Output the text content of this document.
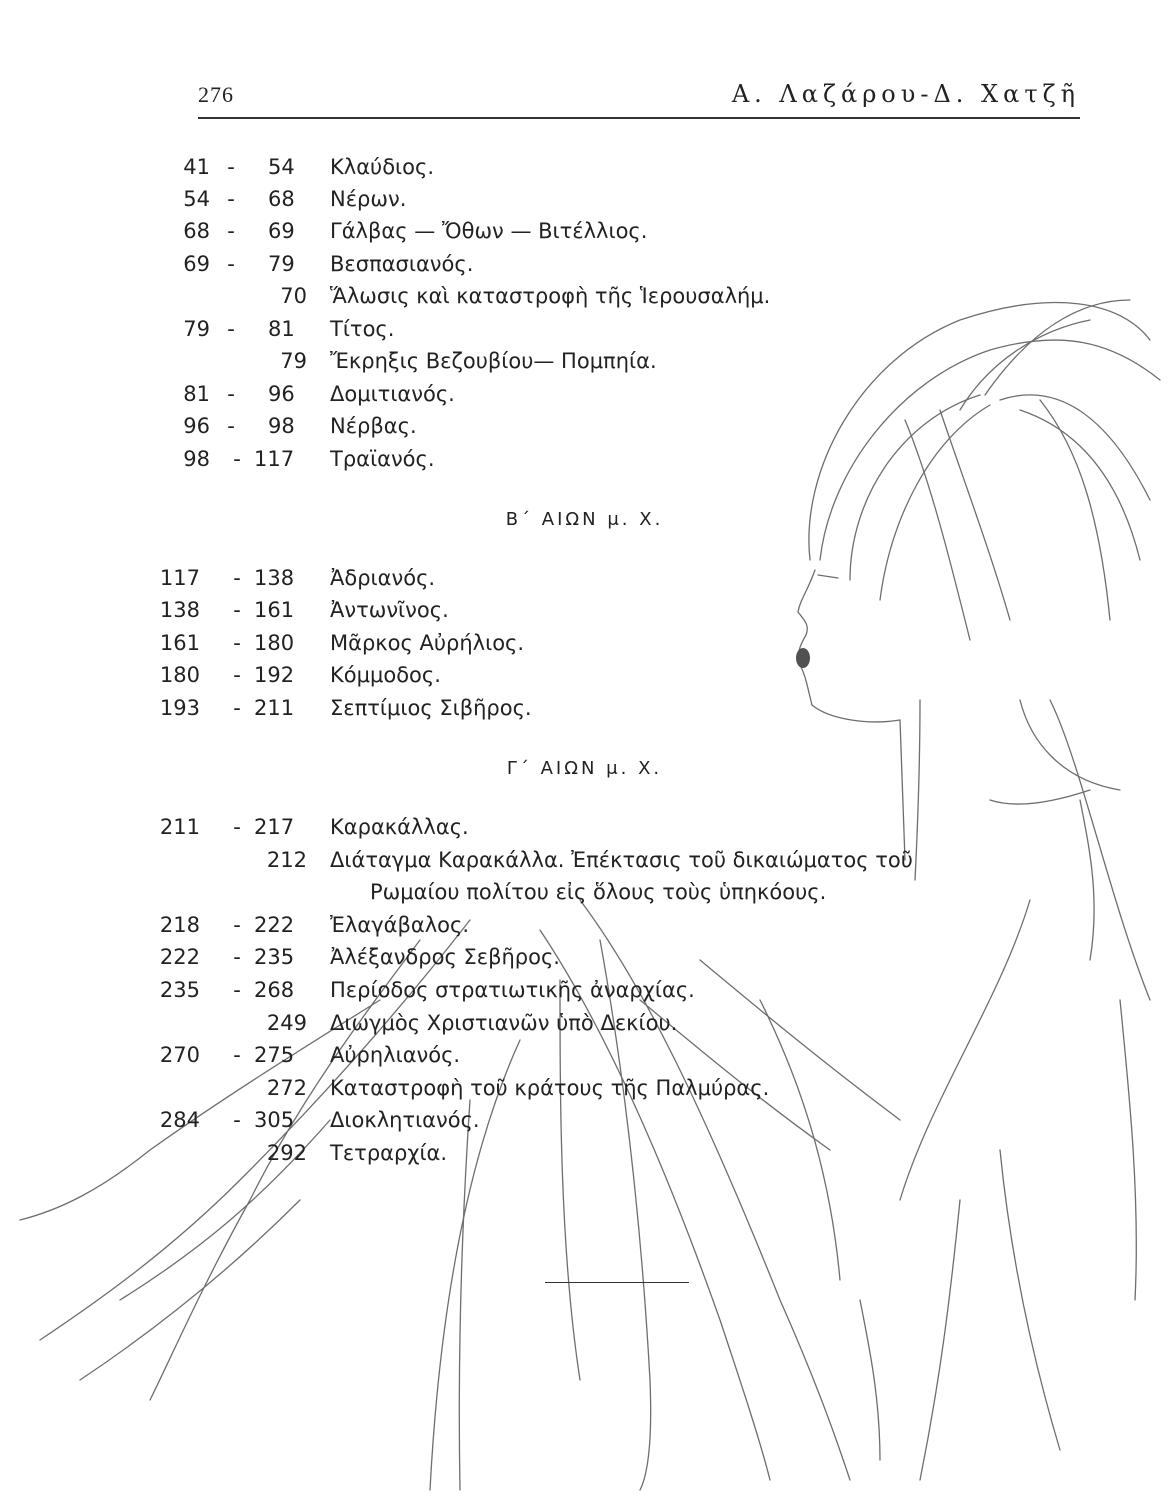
276	Α. Λαζάρου-Δ. Χατζῆ
41 - 54 Κλαύδιος.
54 - 68 Νέρων.
68 - 69 Γάλβας — Ὄθων — Βιτέλλιος.
69 - 79 Βεσπασιανός.
70 Ἅλωσις καὶ καταστροφὴ τῆς Ἱερουσαλήμ.
79 - 81 Τίτος.
79 Ἔκρηξις Βεζουβίου— Πομπηία.
81 - 96 Δομιτιανός.
96 - 98 Νέρβας.
98 - 117 Τραϊανός.
Β΄ ΑΙΩΝ μ. Χ.
117 - 138 Ἀδριανός.
138 - 161 Ἀντωνῖνος.
161 - 180 Μᾶρκος Αὐρήλιος.
180 - 192 Κόμμοδος.
193 - 211 Σεπτίμιος Σιβῆρος.
Γ΄ ΑΙΩΝ μ. Χ.
211 - 217 Καρακάλλας.
212 Διάταγμα Καρακάλλα. Ἐπέκτασις τοῦ δικαιώματος τοῦ
Ρωμαίου πολίτου εἰς ὅλους τοὺς ὑπηκόους.
218 - 222 Ἐλαγάβαλος.
222 - 235 Ἀλέξανδρος Σεβῆρος.
235 - 268 Περίοδος στρατιωτικῆς ἀναρχίας.
249 Διωγμὸς Χριστιανῶν ὑπὸ Δεκίου.
270 - 275 Αὐρηλιανός.
272 Καταστροφὴ τοῦ κράτους τῆς Παλμύρας.
284 - 305 Διοκλητιανός.
292 Τετραρχία.
